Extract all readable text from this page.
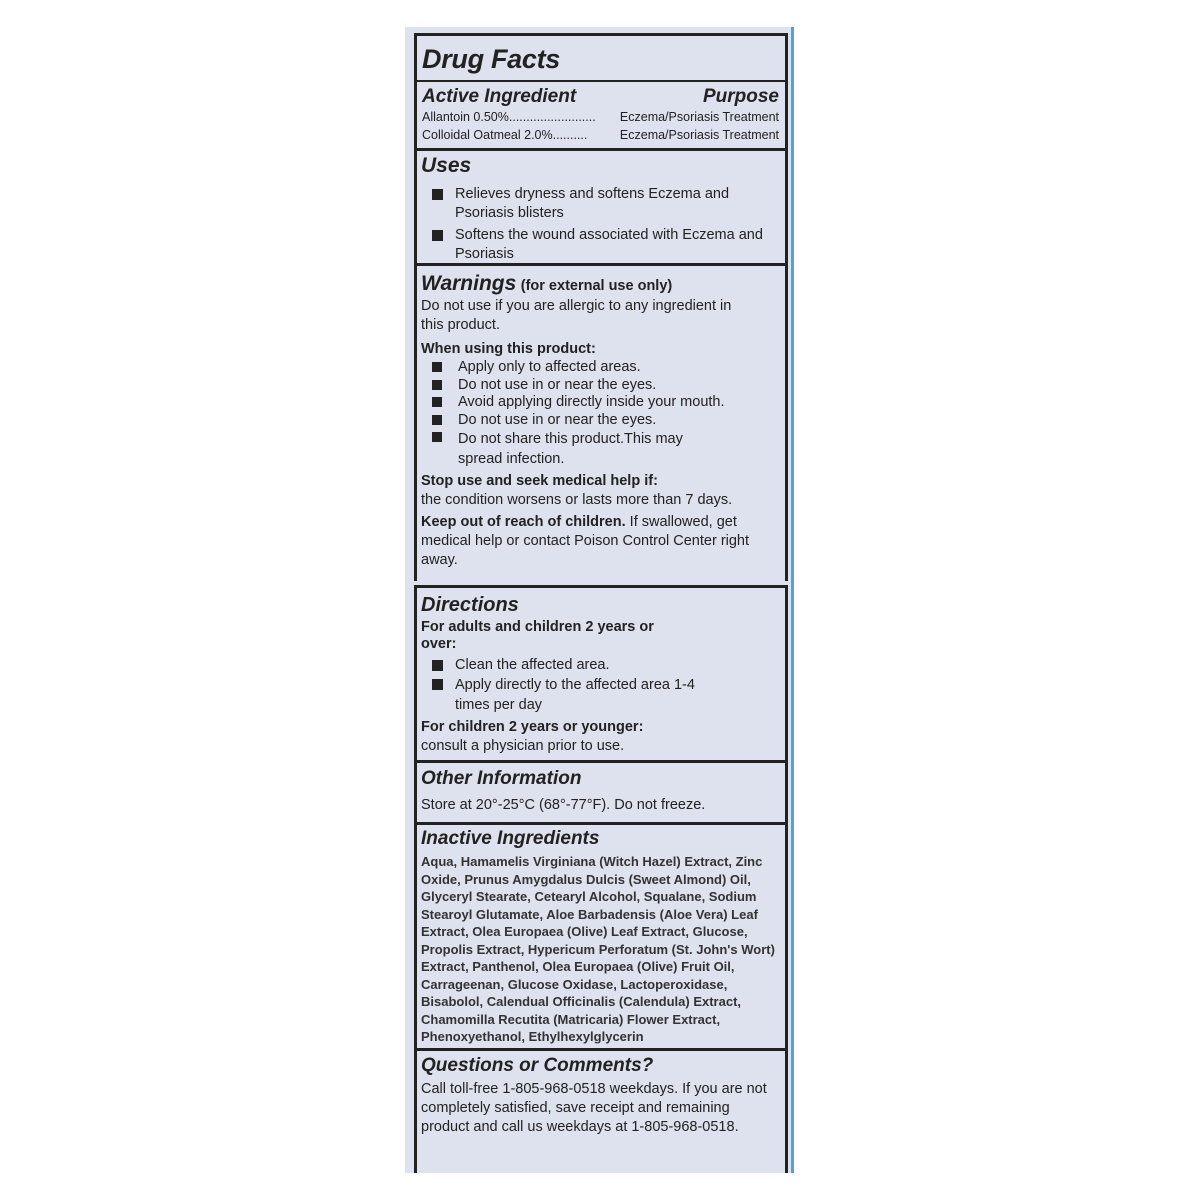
Drug Facts
Active Ingredient	Purpose
Allantoin 0.50% .........................	Eczema/Psoriasis Treatment
Colloidal Oatmeal 2.0% ..........	Eczema/Psoriasis Treatment
Uses
Relieves dryness and softens Eczema and Psoriasis blisters
Softens the wound associated with Eczema and Psoriasis
Warnings (for external use only)
Do not use if you are allergic to any ingredient in this product.
When using this product:
Apply only to affected areas.
Do not use in or near the eyes.
Avoid applying directly inside your mouth.
Do not use in or near the eyes.
Do not share this product.This may spread infection.
Stop use and seek medical help if:
the condition worsens or lasts more than 7 days.
Keep out of reach of children. If swallowed, get medical help or contact Poison Control Center right away.
Directions
For adults and children 2 years or over:
Clean the affected area.
Apply directly to the affected area 1-4 times per day
For children 2 years or younger:
consult a physician prior to use.
Other Information
Store at 20°-25°C (68°-77°F). Do not freeze.
Inactive Ingredients
Aqua, Hamamelis Virginiana (Witch Hazel) Extract, Zinc Oxide, Prunus Amygdalus Dulcis (Sweet Almond) Oil, Glyceryl Stearate, Cetearyl Alcohol, Squalane, Sodium Stearoyl Glutamate, Aloe Barbadensis (Aloe Vera) Leaf Extract, Olea Europaea (Olive) Leaf Extract, Glucose, Propolis Extract, Hypericum Perforatum (St. John's Wort) Extract, Panthenol, Olea Europaea (Olive) Fruit Oil, Carrageenan, Glucose Oxidase, Lactoperoxidase, Bisabolol, Calendual Officinalis (Calendula) Extract, Chamomilla Recutita (Matricaria) Flower Extract, Phenoxyethanol, Ethylhexylglycerin
Questions or Comments?
Call toll-free 1-805-968-0518 weekdays. If you are not completely satisfied, save receipt and remaining product and call us weekdays at 1-805-968-0518.
